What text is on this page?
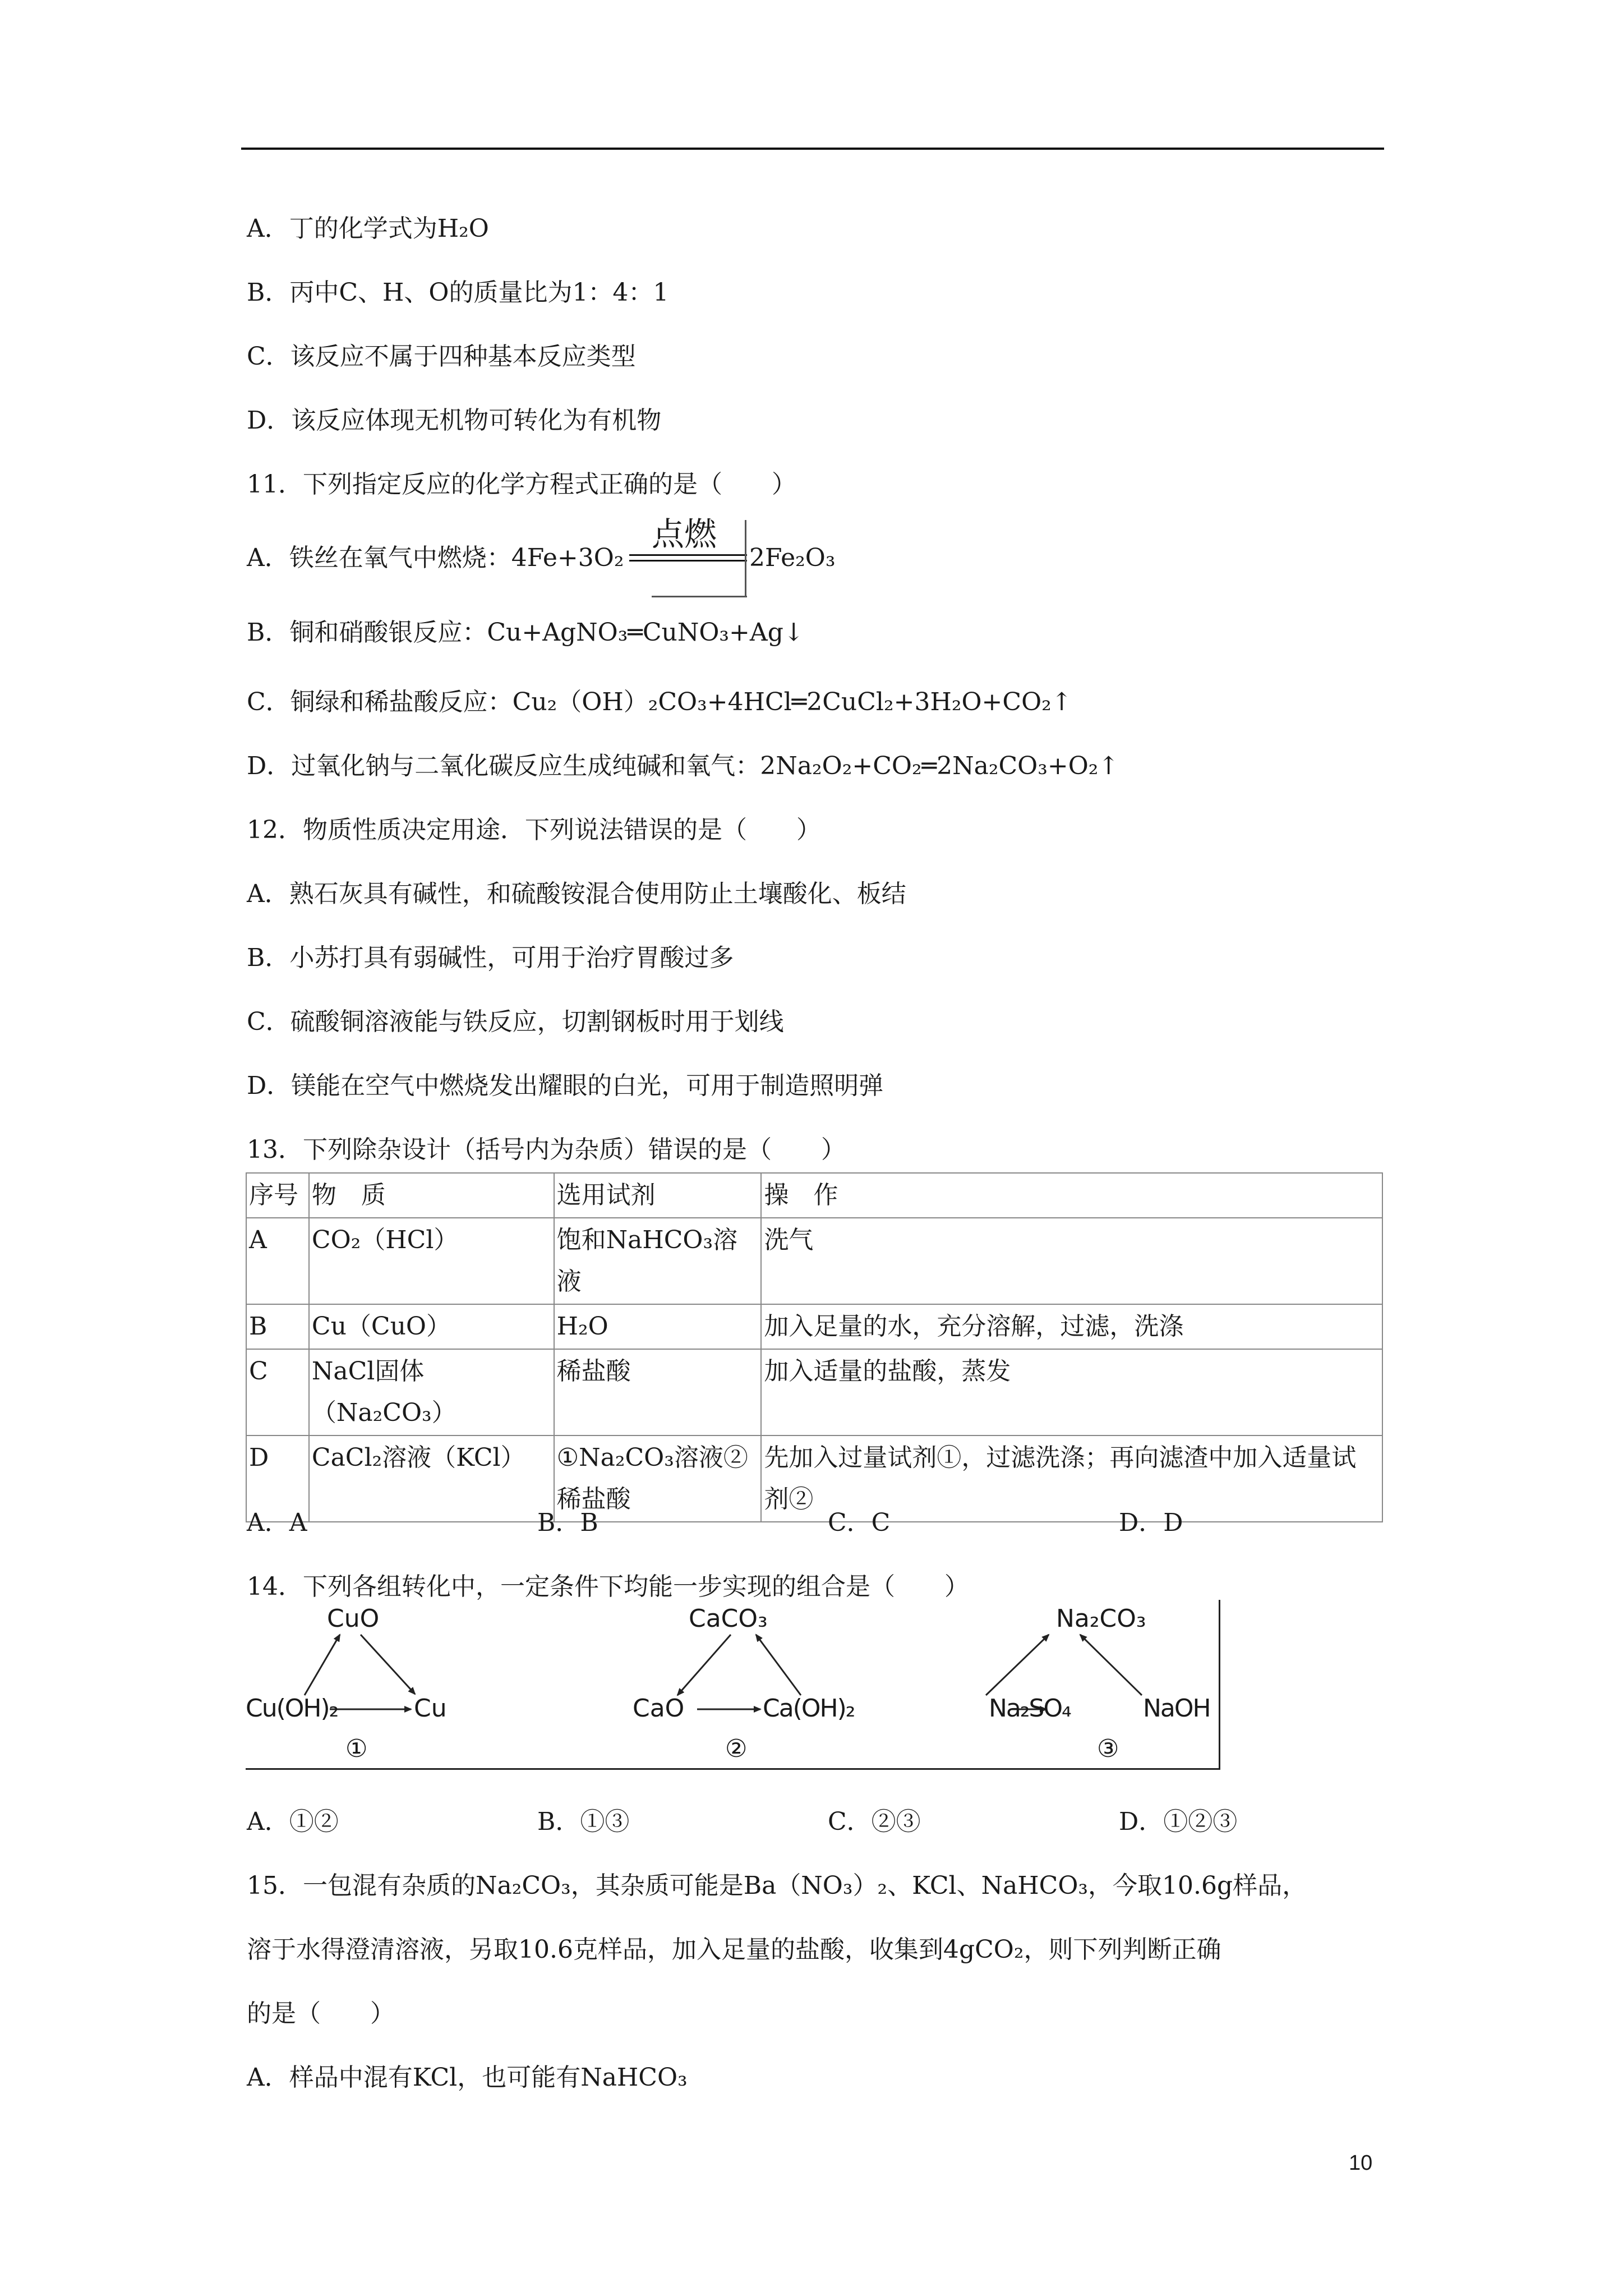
A．丁的化学式为H₂O
B．丙中C、H、O的质量比为1：4：1
C．该反应不属于四种基本反应类型
D．该反应体现无机物可转化为有机物
11．下列指定反应的化学方程式正确的是（　　）
A．铁丝在氧气中燃烧：4Fe+3O₂
点燃
2Fe₂O₃
B．铜和硝酸银反应：Cu+AgNO₃═CuNO₃+Ag↓
C．铜绿和稀盐酸反应：Cu₂（OH）₂CO₃+4HCl═2CuCl₂+3H₂O+CO₂↑
D．过氧化钠与二氧化碳反应生成纯碱和氧气：2Na₂O₂+CO₂═2Na₂CO₃+O₂↑
12．物质性质决定用途．下列说法错误的是（　　）
A．熟石灰具有碱性，和硫酸铵混合使用防止土壤酸化、板结
B．小苏打具有弱碱性，可用于治疗胃酸过多
C．硫酸铜溶液能与铁反应，切割钢板时用于划线
D．镁能在空气中燃烧发出耀眼的白光，可用于制造照明弹
13．下列除杂设计（括号内为杂质）错误的是（　　）
序号	物　质	选用试剂	操　作
A	CO₂（HCl）	饱和NaHCO₃溶液	洗气
B	Cu（CuO）	H₂O	加入足量的水，充分溶解，过滤，洗涤
C	NaCl固体（Na₂CO₃）	稀盐酸	加入适量的盐酸，蒸发
D	CaCl₂溶液（KCl）	①Na₂CO₃溶液②稀盐酸	先加入过量试剂①，过滤洗涤；再向滤渣中加入适量试剂②
A．A	B．B	C．C	D．D
14．下列各组转化中，一定条件下均能一步实现的组合是（　　）
CuO
Cu(OH)₂	Cu
①
CaCO₃
CaO	Ca(OH)₂
②
Na₂CO₃
Na₂SO₄	NaOH
③
A．①②	B．①③	C．②③	D．①②③
15．一包混有杂质的Na₂CO₃，其杂质可能是Ba（NO₃）₂、KCl、NaHCO₃，今取10.6g样品，
溶于水得澄清溶液，另取10.6克样品，加入足量的盐酸，收集到4gCO₂，则下列判断正确
的是（　　）
A．样品中混有KCl，也可能有NaHCO₃
10
